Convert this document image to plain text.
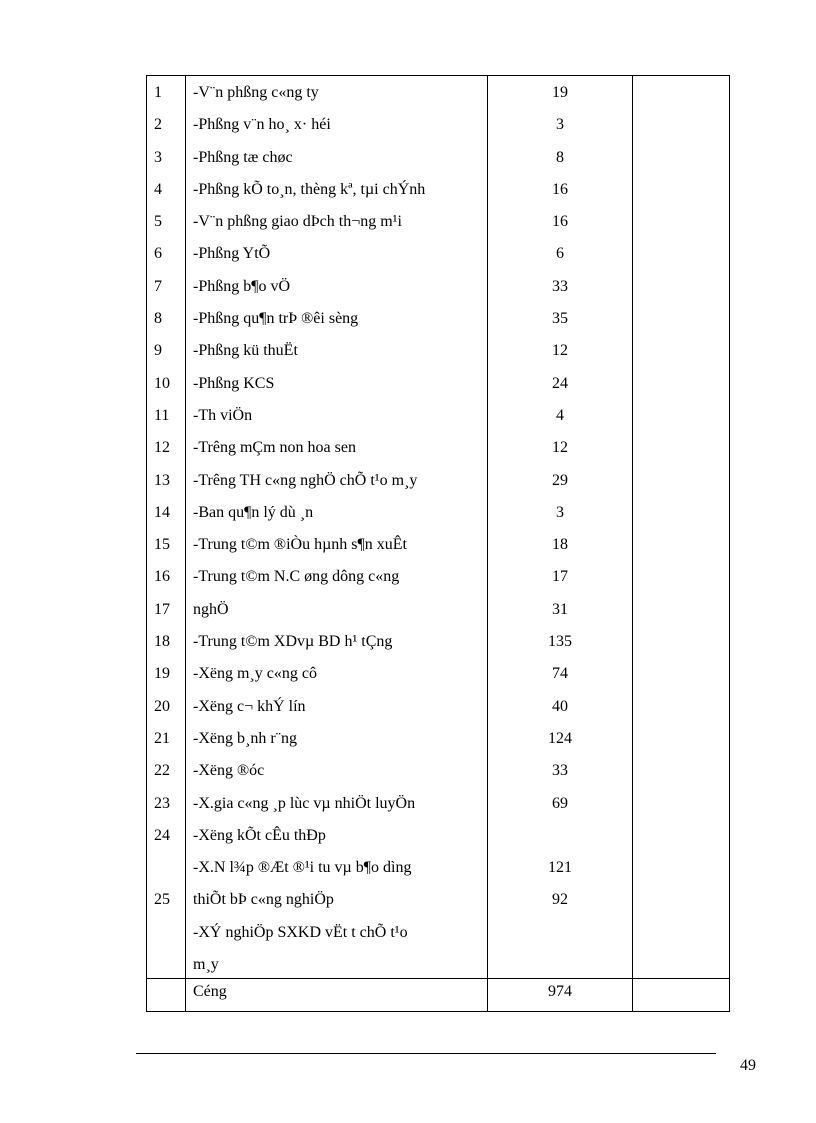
1
2
3
4
5
6
7
8
9
10
11
12
13
14
15
16
17
18
19
20
21
22
23
24
25
-V¨n phßng c«ng ty
-Phßng v¨n ho¸ x· héi
-Phßng tæ chøc
-Phßng kÕ to¸n, thèng kª, tµi chÝnh
-V¨n phßng giao dÞch th¬ng m¹i
-Phßng YtÕ
-Phßng b¶o vÖ
-Phßng qu¶n trÞ ®êi sèng
-Phßng kü thuËt
-Phßng KCS
-Th viÖn
-Trêng mÇm non hoa sen
-Trêng TH c«ng nghÖ chÕ t¹o m¸y
-Ban qu¶n lý dù ¸n
-Trung t©m ®iÒu hµnh s¶n xuÊt
-Trung t©m N.C øng dông c«ng
nghÖ
-Trung t©m XDvµ BD h¹ tÇng
-Xëng m¸y c«ng cô
-Xëng c¬ khÝ lín
-Xëng b¸nh r¨ng
-Xëng ®óc
-X.gia c«ng ¸p lùc vµ nhiÖt luyÖn
-Xëng kÕt cÊu thÐp
-X.N l¾p ®Æt ®¹i tu vµ b¶o dìng
thiÕt bÞ c«ng nghiÖp
-XÝ nghiÖp SXKD vËt t chÕ t¹o
m¸y
19
3
8
16
16
6
33
35
12
24
4
12
29
3
18
17
31
135
74
40
124
33
69
121
92
Céng	974
49
